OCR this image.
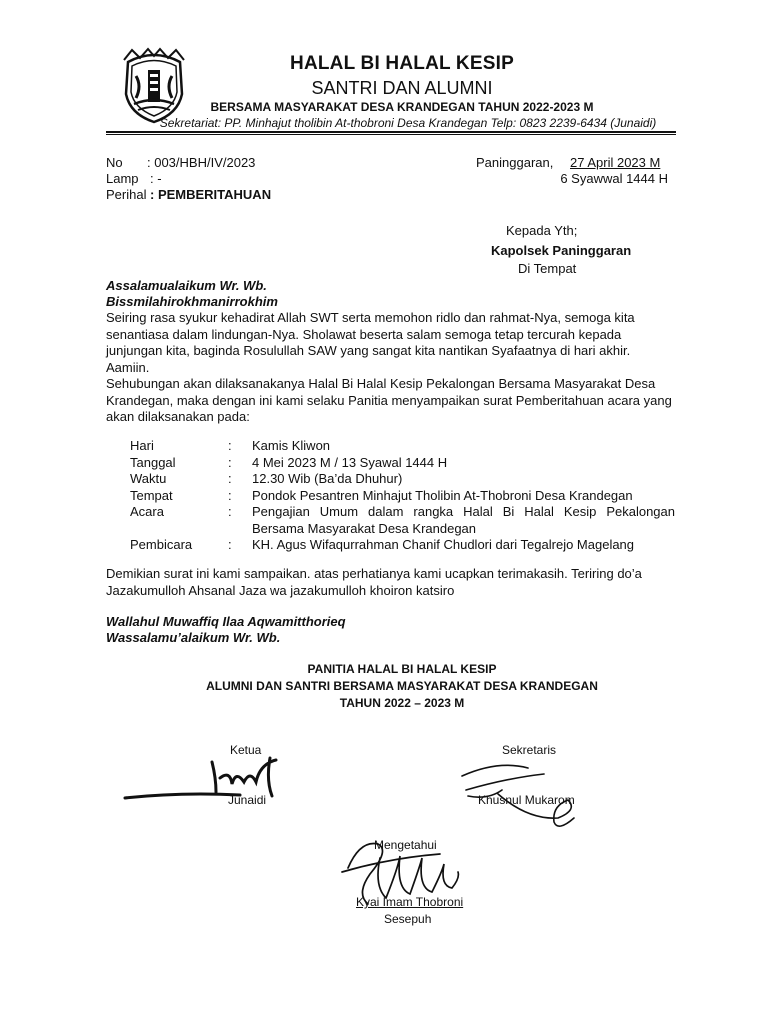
HALAL BI HALAL KESIP
SANTRI DAN ALUMNI
BERSAMA MASYARAKAT DESA KRANDEGAN TAHUN 2022-2023 M
Sekretariat: PP. Minhajut tholibin At-thobroni Desa Krandegan Telp: 0823 2239-6434 (Junaidi)
No : 003/HBH/IV/2023
Lamp : -
Perihal : PEMBERITAHUAN
Paninggaran, 27 April 2023 M
6 Syawwal 1444 H
Kepada Yth;
Kapolsek Paninggaran
Di Tempat
Assalamualaikum Wr. Wb.
Bissmilahirokhmanirrokhim
Seiring rasa syukur kehadirat Allah SWT serta memohon ridlo dan rahmat-Nya, semoga kita senantiasa dalam lindungan-Nya. Sholawat beserta salam semoga tetap tercurah kepada junjungan kita, baginda Rosulullah SAW yang sangat kita nantikan Syafaatnya di hari akhir. Aamiin.
Sehubungan akan dilaksanakanya Halal Bi Halal Kesip Pekalongan Bersama Masyarakat Desa Krandegan, maka dengan ini kami selaku Panitia menyampaikan surat Pemberitahuan acara yang akan dilaksanakan pada:
Hari	:	Kamis Kliwon
Tanggal	:	4 Mei 2023 M / 13 Syawal 1444 H
Waktu	:	12.30 Wib (Ba’da Dhuhur)
Tempat	:	Pondok Pesantren Minhajut Tholibin At-Thobroni Desa Krandegan
Acara	:	Pengajian Umum dalam rangka Halal Bi Halal Kesip Pekalongan Bersama Masyarakat Desa Krandegan
Pembicara	:	KH. Agus Wifaqurrahman Chanif Chudlori dari Tegalrejo Magelang
Demikian surat ini kami sampaikan. atas perhatianya kami ucapkan terimakasih. Teriring do’a Jazakumulloh Ahsanal Jaza wa jazakumulloh khoiron katsiro
Wallahul Muwaffiq Ilaa Aqwamitthorieq
Wassalamu’alaikum Wr. Wb.
PANITIA HALAL BI HALAL KESIP
ALUMNI DAN SANTRI BERSAMA MASYARAKAT DESA KRANDEGAN
TAHUN 2022 – 2023 M
Ketua
Junaidi
Sekretaris
Khusnul Mukarom
Mengetahui
Kyai Imam Thobroni
Sesepuh
